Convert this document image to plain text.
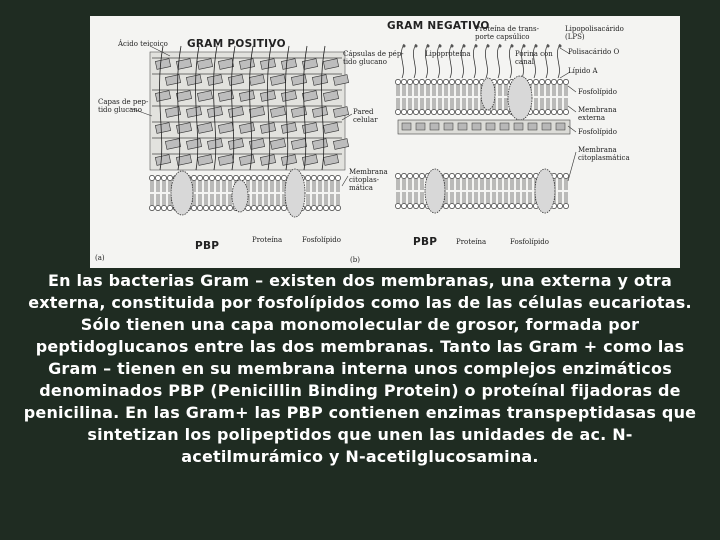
GRAM POSITIVO
Ácido teicoico
Capas de pep-
tido glucano	Pared
celular
Membrana
citoplas-
mática
PBP	Proteína	Fosfolípido
(a)
GRAM NEGATIVO
Cápsulas de pép-
tido glucano
Lipoproteína
Proteína de trans-
porte capsúlico
Porina con
canal
Lipopolisacárido
(LPS)
Polisacárido O
Lípido A
Fosfolípido
Membrana
externa
Fosfolípido
Membrana
citoplasmática
PBP	Proteína	Fosfolípido
(b)
En las bacterias Gram – existen dos membranas, una externa y otra externa, constituida por fosfolípidos como las de las células eucariotas. Sólo tienen una capa monomolecular de grosor, formada por peptidoglucanos entre las dos membranas. Tanto las Gram + como las Gram – tienen en su membrana interna unos complejos enzimáticos denominados PBP (Penicillin Binding Protein) o proteínal fijadoras de penicilina. En las Gram+ las PBP contienen enzimas transpeptidasas que sintetizan los polipeptidos que unen las unidades de ac. N-acetilmurámico y N-acetilglucosamina.
